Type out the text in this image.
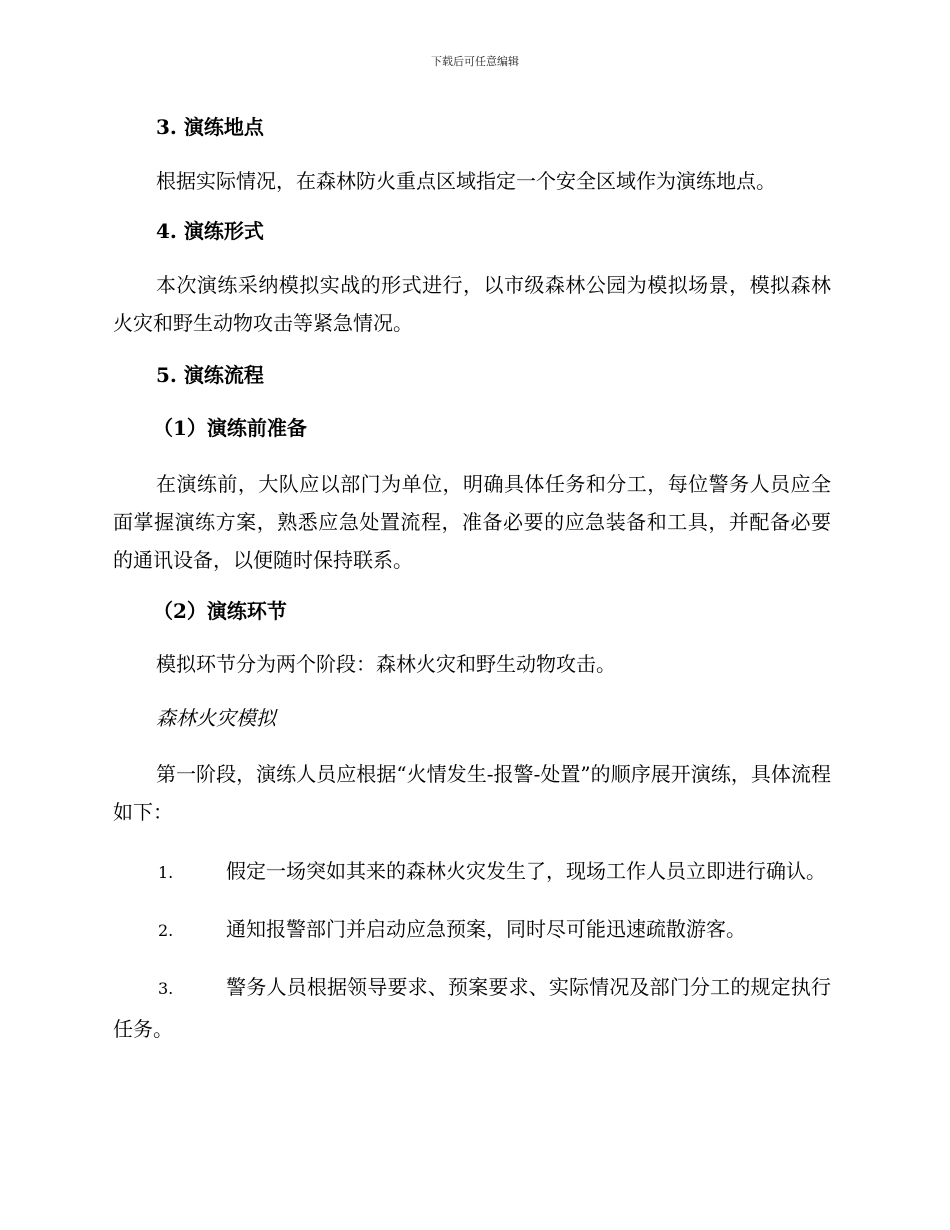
下载后可任意编辑

3. 演练地点

根据实际情况，在森林防火重点区域指定一个安全区域作为演练地点。

4. 演练形式

本次演练采纳模拟实战的形式进行，以市级森林公园为模拟场景，模拟森林火灾和野生动物攻击等紧急情况。

5. 演练流程

（1）演练前准备

在演练前，大队应以部门为单位，明确具体任务和分工，每位警务人员应全面掌握演练方案，熟悉应急处置流程，准备必要的应急装备和工具，并配备必要的通讯设备，以便随时保持联系。

（2）演练环节

模拟环节分为两个阶段：森林火灾和野生动物攻击。

森林火灾模拟

第一阶段，演练人员应根据“火情发生-报警-处置”的顺序展开演练，具体流程如下：

1.	假定一场突如其来的森林火灾发生了，现场工作人员立即进行确认。

2.	通知报警部门并启动应急预案，同时尽可能迅速疏散游客。

3.	警务人员根据领导要求、预案要求、实际情况及部门分工的规定执行任务。
